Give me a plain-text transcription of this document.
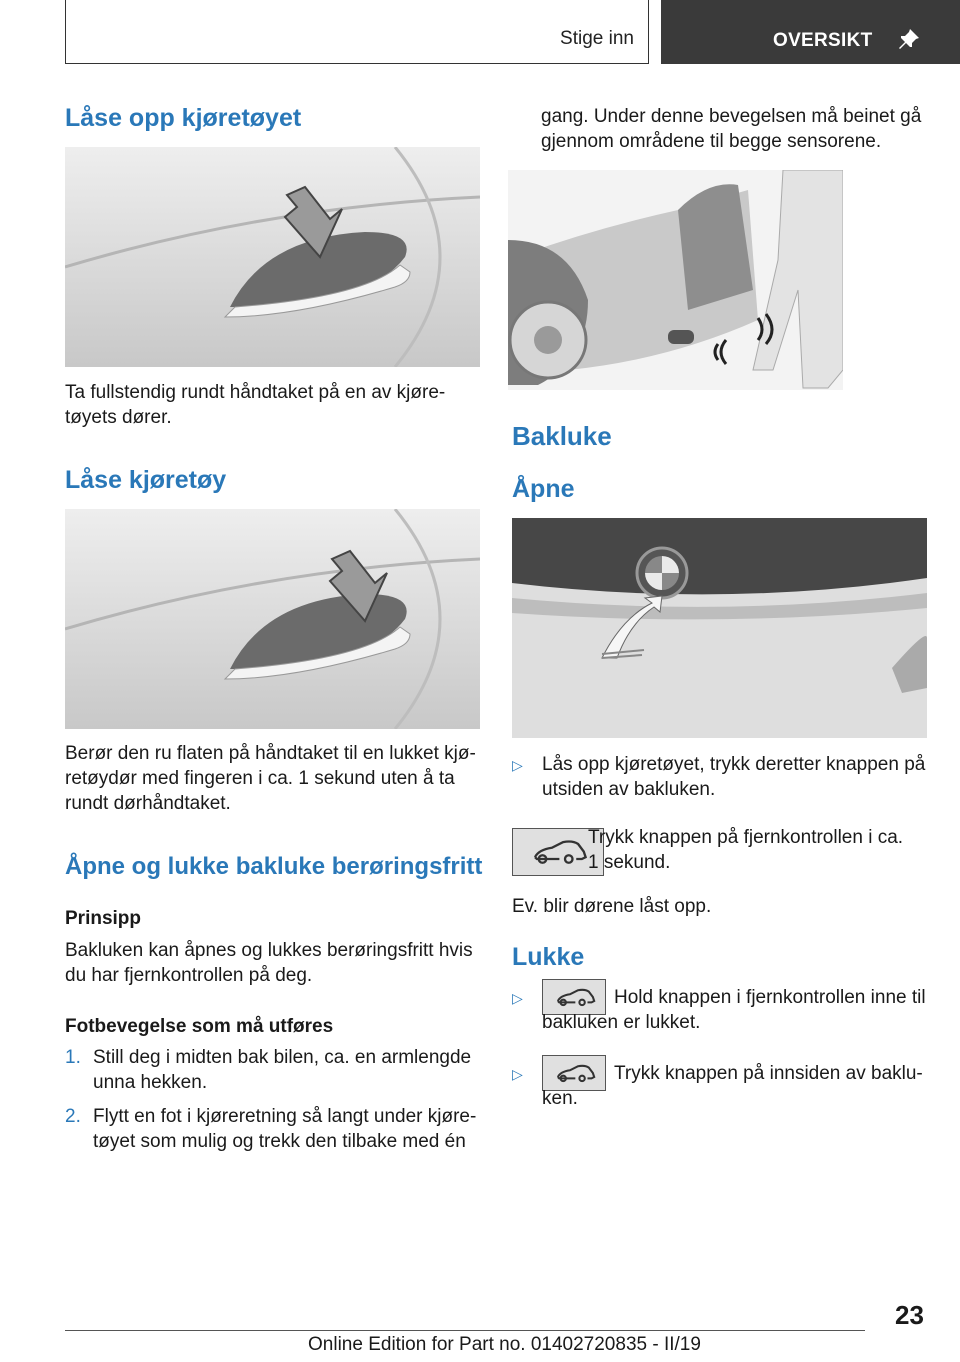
Stige inn	OVERSIKT
Låse opp kjøretøyet
Ta fullstendig rundt håndtaket på en av kjøre-
tøyets dører.
Låse kjøretøy
Berør den ru flaten på håndtaket til en lukket kjø-
retøydør med fingeren i ca. 1 sekund uten å ta
rundt dørhåndtaket.
Åpne og lukke bakluke berøringsfritt
Prinsipp
Bakluken kan åpnes og lukkes berøringsfritt hvis
du har fjernkontrollen på deg.
Fotbevegelse som må utføres
1. Still deg i midten bak bilen, ca. en armlengde
unna hekken.
2. Flytt en fot i kjøreretning så langt under kjøre-
tøyet som mulig og trekk den tilbake med én
gang. Under denne bevegelsen må beinet gå
gjennom områdene til begge sensorene.
Bakluke
Åpne
▷ Lås opp kjøretøyet, trykk deretter knappen på
utsiden av bakluken.
Trykk knappen på fjernkontrollen i ca.
1 sekund.
Ev. blir dørene låst opp.
Lukke
▷	Hold knappen i fjernkontrollen inne til
bakluken er lukket.
▷	Trykk knappen på innsiden av baklu-
ken.
23
Online Edition for Part no. 01402720835 - II/19
